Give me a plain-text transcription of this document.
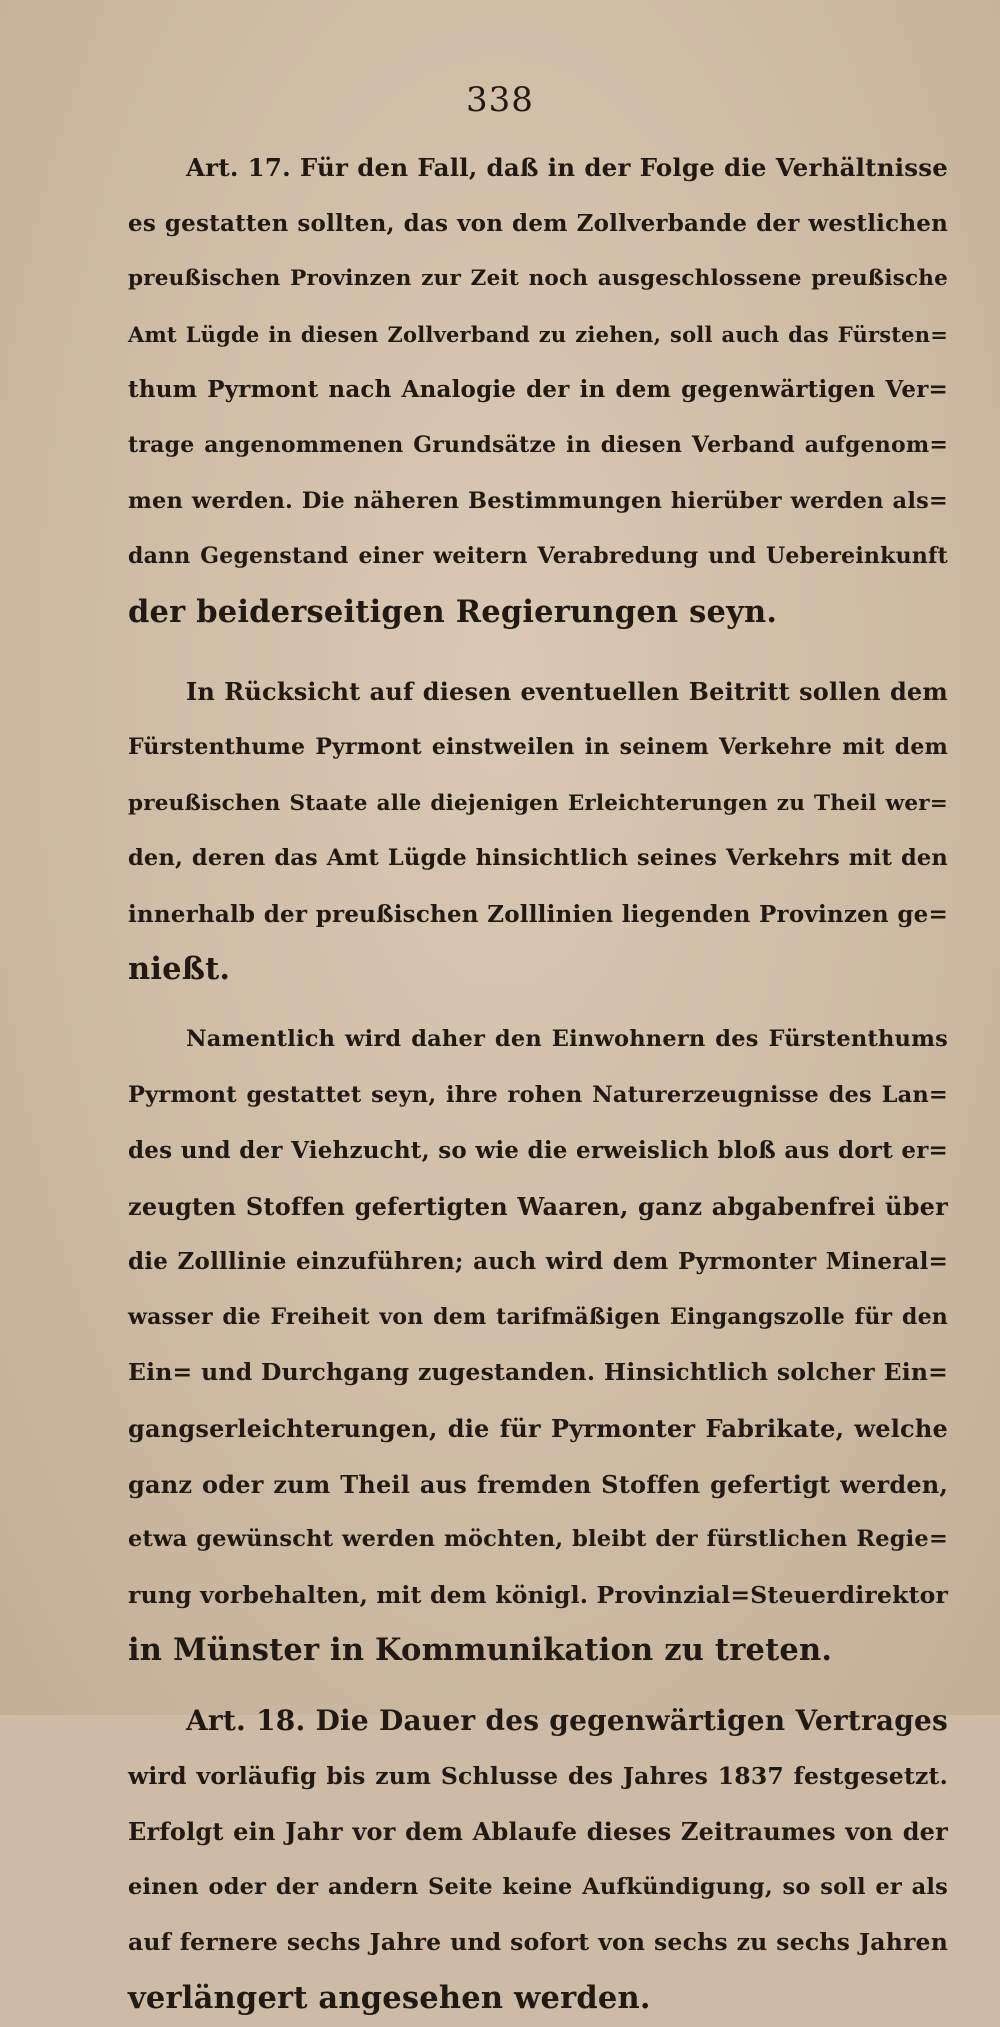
338
Art. 17. Für den Fall, daß in der Folge die Verhältnisse
es gestatten sollten, das von dem Zollverbande der westlichen
preußischen Provinzen zur Zeit noch ausgeschlossene preußische
Amt Lügde in diesen Zollverband zu ziehen, soll auch das Fürsten=
thum Pyrmont nach Analogie der in dem gegenwärtigen Ver=
trage angenommenen Grundsätze in diesen Verband aufgenom=
men werden. Die näheren Bestimmungen hierüber werden als=
dann Gegenstand einer weitern Verabredung und Uebereinkunft
der beiderseitigen Regierungen seyn.
In Rücksicht auf diesen eventuellen Beitritt sollen dem
Fürstenthume Pyrmont einstweilen in seinem Verkehre mit dem
preußischen Staate alle diejenigen Erleichterungen zu Theil wer=
den, deren das Amt Lügde hinsichtlich seines Verkehrs mit den
innerhalb der preußischen Zolllinien liegenden Provinzen ge=
nießt.
Namentlich wird daher den Einwohnern des Fürstenthums
Pyrmont gestattet seyn, ihre rohen Naturerzeugnisse des Lan=
des und der Viehzucht, so wie die erweislich bloß aus dort er=
zeugten Stoffen gefertigten Waaren, ganz abgabenfrei über
die Zolllinie einzuführen; auch wird dem Pyrmonter Mineral=
wasser die Freiheit von dem tarifmäßigen Eingangszolle für den
Ein= und Durchgang zugestanden. Hinsichtlich solcher Ein=
gangserleichterungen, die für Pyrmonter Fabrikate, welche
ganz oder zum Theil aus fremden Stoffen gefertigt werden,
etwa gewünscht werden möchten, bleibt der fürstlichen Regie=
rung vorbehalten, mit dem königl. Provinzial=Steuerdirektor
in Münster in Kommunikation zu treten.
Art. 18. Die Dauer des gegenwärtigen Vertrages
wird vorläufig bis zum Schlusse des Jahres 1837 festgesetzt.
Erfolgt ein Jahr vor dem Ablaufe dieses Zeitraumes von der
einen oder der andern Seite keine Aufkündigung, so soll er als
auf fernere sechs Jahre und sofort von sechs zu sechs Jahren
verlängert angesehen werden.
